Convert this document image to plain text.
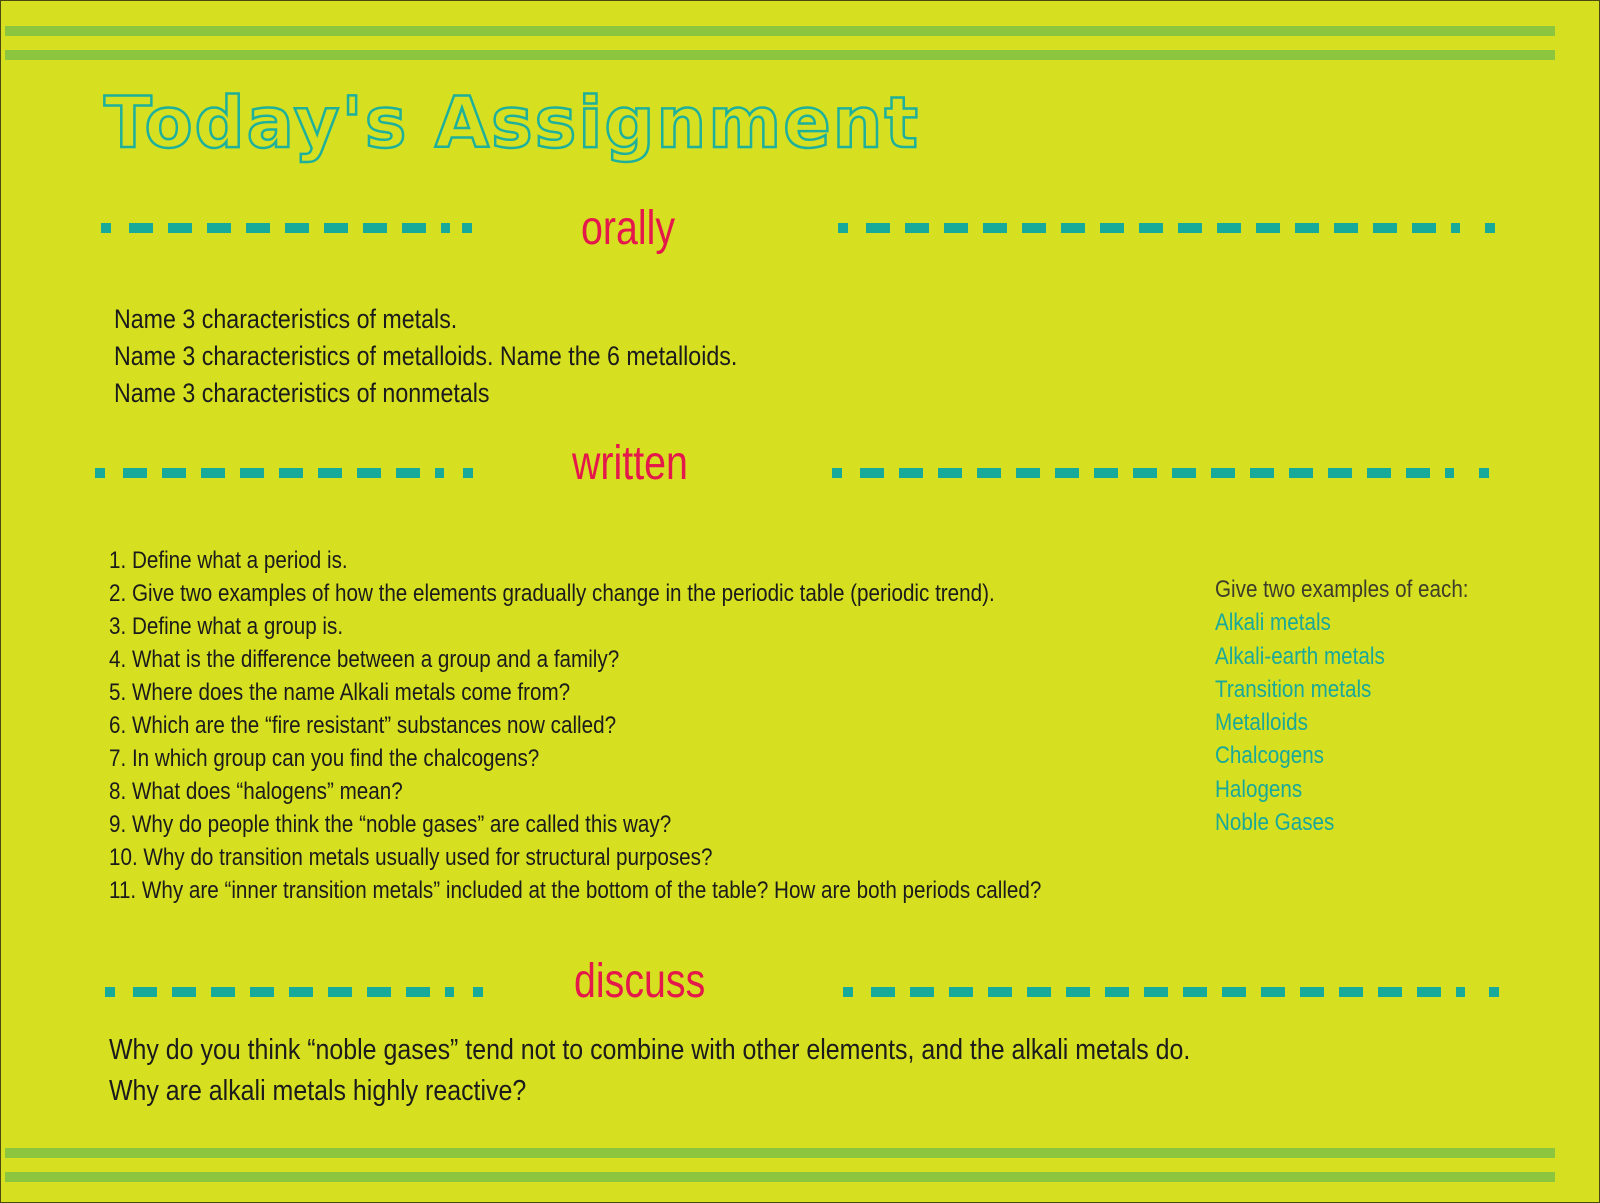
Today's Assignment
orally

Name 3 characteristics of metals.

Name 3 characteristics of metalloids. Name the 6 metalloids.

Name 3 characteristics of nonmetals

written

1. Define what a period is.

2. Give two examples of how the elements gradually change in the periodic table (periodic trend).

3. Define what a group is.

4. What is the difference between a group and a family?

5. Where does the name Alkali metals come from?

6. Which are the “fire resistant” substances now called?

7. In which group can you find the chalcogens?

8. What does “halogens” mean?

9. Why do people think the “noble gases” are called this way?

10. Why do transition metals usually used for structural purposes?

11. Why are “inner transition metals” included at the bottom of the table? How are both periods called?

Give two examples of each:

Alkali metals

Alkali-earth metals

Transition metals

Metalloids

Chalcogens

Halogens

Noble Gases

discuss

Why do you think “noble gases” tend not to combine with other elements, and the alkali metals do.

Why are alkali metals highly reactive?
